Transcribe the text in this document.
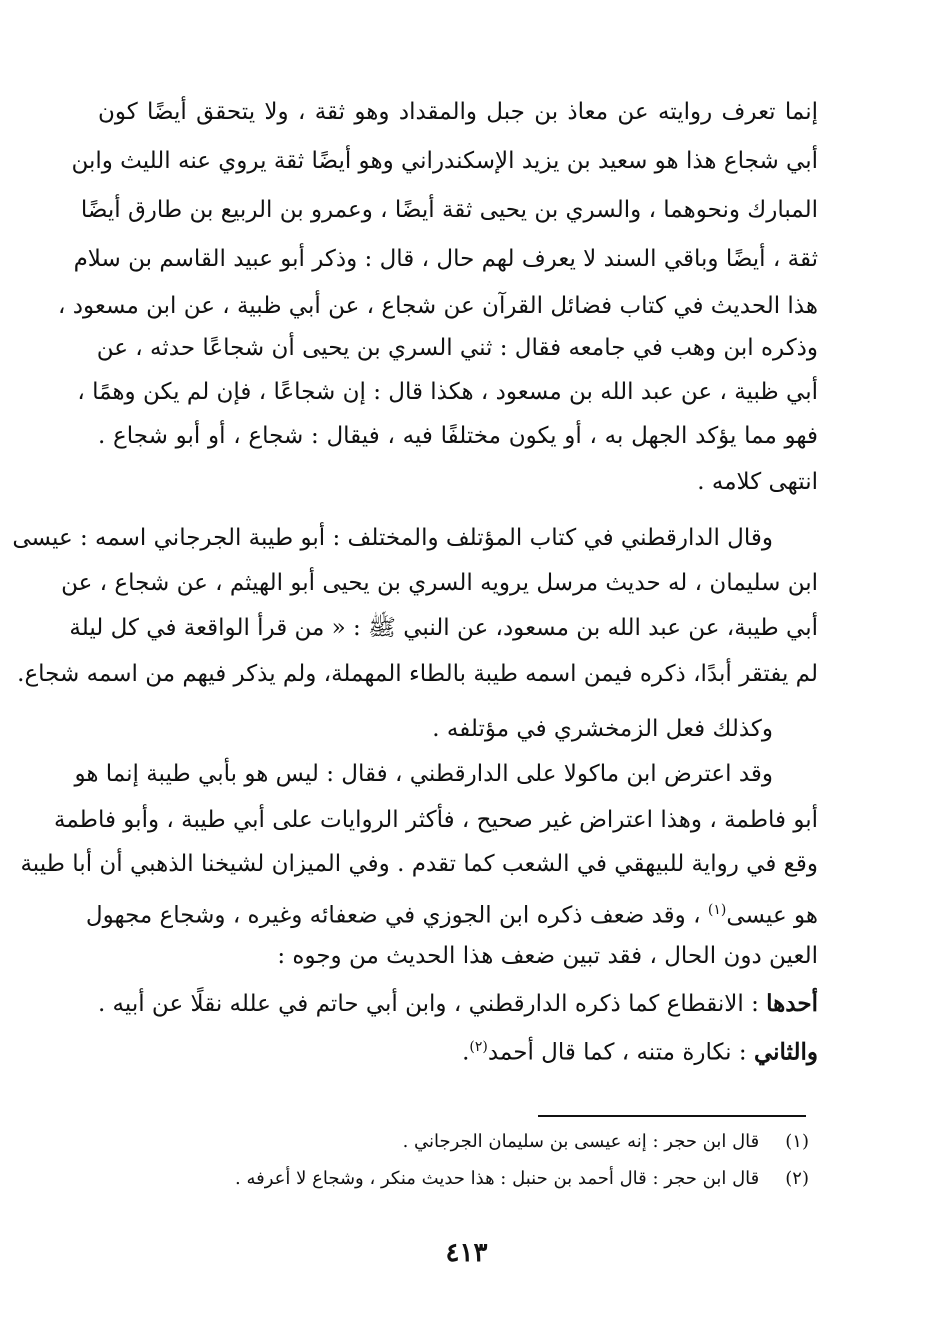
إنما تعرف روايته عن معاذ بن جبل والمقداد وهو ثقة ، ولا يتحقق أيضًا كون
أبي شجاع هذا هو سعيد بن يزيد الإسكندراني وهو أيضًا ثقة يروي عنه الليث وابن
المبارك ونحوهما ، والسري بن يحيى ثقة أيضًا ، وعمرو بن الربيع بن طارق أيضًا
ثقة ، أيضًا وباقي السند لا يعرف لهم حال ، قال : وذكر أبو عبيد القاسم بن سلام
هذا الحديث في كتاب فضائل القرآن عن شجاع ، عن أبي ظبية ، عن ابن مسعود ،
وذكره ابن وهب في جامعه فقال : ثني السري بن يحيى أن شجاعًا حدثه ، عن
أبي ظبية ، عن عبد الله بن مسعود ، هكذا قال : إن شجاعًا ، فإن لم يكن وهمًا ،
فهو مما يؤكد الجهل به ، أو يكون مختلفًا فيه ، فيقال : شجاع ، أو أبو شجاع .
انتهى كلامه .
وقال الدارقطني في كتاب المؤتلف والمختلف : أبو طيبة الجرجاني اسمه : عيسى
ابن سليمان ، له حديث مرسل يرويه السري بن يحيى أبو الهيثم ، عن شجاع ، عن
أبي طيبة، عن عبد الله بن مسعود، عن النبي ﷺ : « من قرأ الواقعة في كل ليلة
لم يفتقر أبدًا، ذكره فيمن اسمه طيبة بالطاء المهملة، ولم يذكر فيهم من اسمه شجاع.
وكذلك فعل الزمخشري في مؤتلفه .
وقد اعترض ابن ماكولا على الدارقطني ، فقال : ليس هو بأبي طيبة إنما هو
أبو فاطمة ، وهذا اعتراض غير صحيح ، فأكثر الروايات على أبي طيبة ، وأبو فاطمة
وقع في رواية للبيهقي في الشعب كما تقدم . وفي الميزان لشيخنا الذهبي أن أبا طيبة
هو عيسى$^{(١)}$ ، وقد ضعف ذكره ابن الجوزي في ضعفائه وغيره ، وشجاع مجهول
العين دون الحال ، فقد تبين ضعف هذا الحديث من وجوه :
أحدها : الانقطاع كما ذكره الدارقطني ، وابن أبي حاتم في علله نقلًا عن أبيه .
والثاني : نكارة متنه ، كما قال أحمد$^{(٢)}$.
(١) قال ابن حجر : إنه عيسى بن سليمان الجرجاني .
(٢) قال ابن حجر : قال أحمد بن حنبل : هذا حديث منكر ، وشجاع لا أعرفه .
٤١٣
